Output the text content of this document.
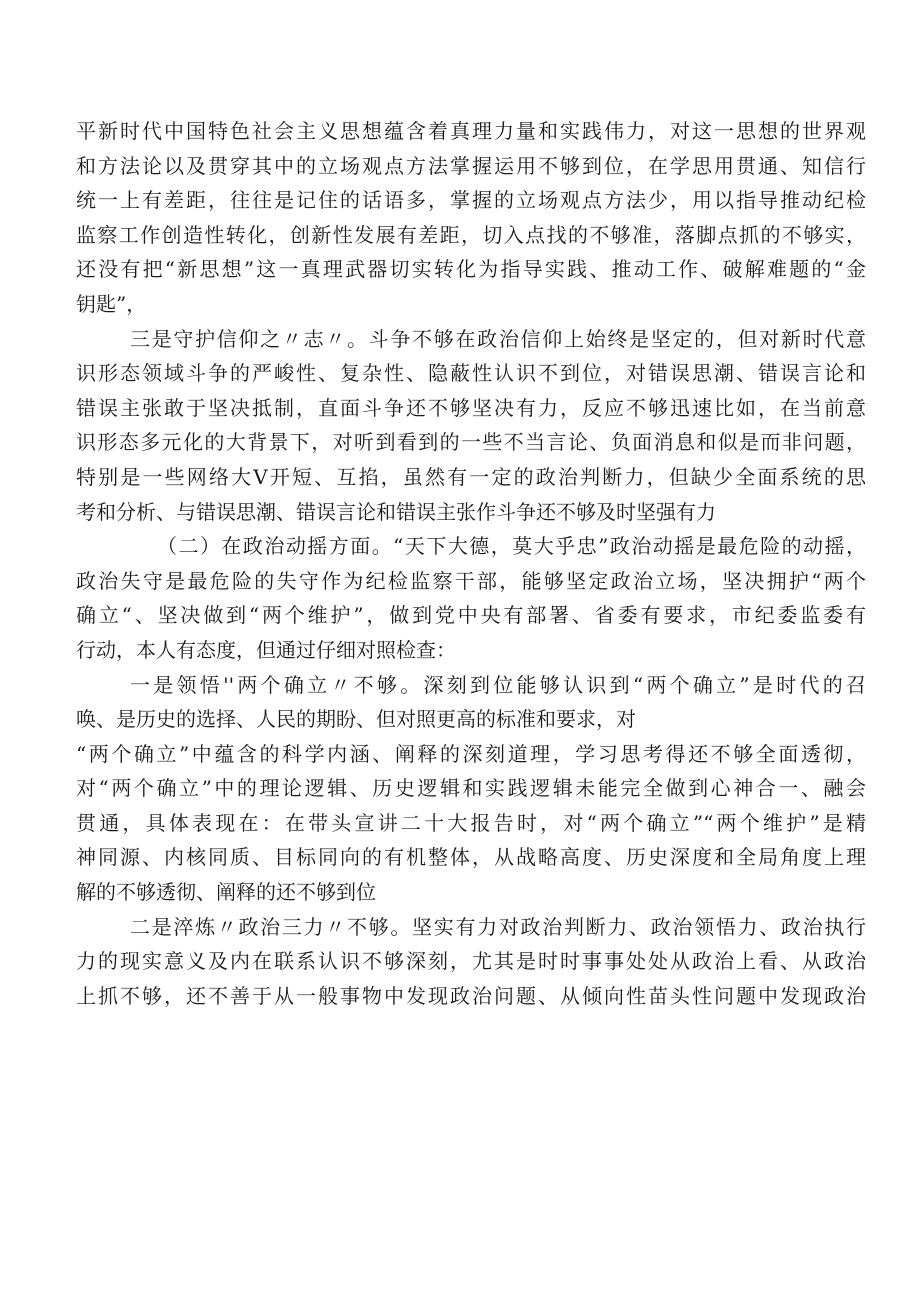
平新时代中国特色社会主义思想蕴含着真理力量和实践伟力，对这一思想的世界观
和方法论以及贯穿其中的立场观点方法掌握运用不够到位，在学思用贯通、知信行
统一上有差距，往往是记住的话语多，掌握的立场观点方法少，用以指导推动纪检
监察工作创造性转化，创新性发展有差距，切入点找的不够准，落脚点抓的不够实，
还没有把“新思想”这一真理武器切实转化为指导实践、推动工作、破解难题的“金
钥匙”，
三是守护信仰之〃志〃。斗争不够在政治信仰上始终是坚定的，但对新时代意
识形态领域斗争的严峻性、复杂性、隐蔽性认识不到位，对错误思潮、错误言论和
错误主张敢于坚决抵制，直面斗争还不够坚决有力，反应不够迅速比如，在当前意
识形态多元化的大背景下，对听到看到的一些不当言论、负面消息和似是而非问题，
特别是一些网络大V开短、互掐，虽然有一定的政治判断力，但缺少全面系统的思
考和分析、与错误思潮、错误言论和错误主张作斗争还不够及时坚强有力
（二）在政治动摇方面。“天下大德，莫大乎忠”政治动摇是最危险的动摇，
政治失守是最危险的失守作为纪检监察干部，能够坚定政治立场，坚决拥护“两个
确立“、坚决做到“两个维护”，做到党中央有部署、省委有要求，市纪委监委有
行动，本人有态度，但通过仔细对照检查：
一是领悟''两个确立〃不够。深刻到位能够认识到“两个确立”是时代的召
唤、是历史的选择、人民的期盼、但对照更高的标准和要求，对
“两个确立”中蕴含的科学内涵、阐释的深刻道理，学习思考得还不够全面透彻，
对“两个确立”中的理论逻辑、历史逻辑和实践逻辑未能完全做到心神合一、融会
贯通，具体表现在：在带头宣讲二十大报告时，对“两个确立”“两个维护”是精
神同源、内核同质、目标同向的有机整体，从战略高度、历史深度和全局角度上理
解的不够透彻、阐释的还不够到位
二是淬炼〃政治三力〃不够。坚实有力对政治判断力、政治领悟力、政治执行
力的现实意义及内在联系认识不够深刻，尤其是时时事事处处从政治上看、从政治
上抓不够，还不善于从一般事物中发现政治问题、从倾向性苗头性问题中发现政治
